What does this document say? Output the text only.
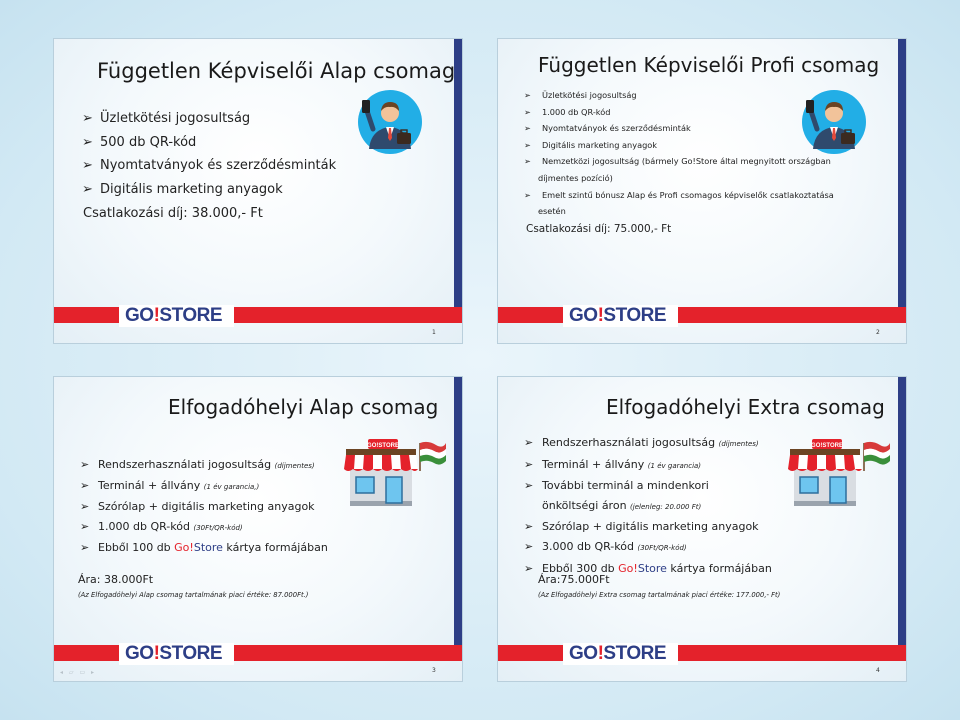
Független Képviselői Alap csomag
➢ Üzletkötési jogosultság
➢ 500 db QR-kód
➢ Nyomtatványok és szerződésminták
➢ Digitális marketing anyagok
Csatlakozási díj: 38.000,- Ft
GO!STORE
1
Független Képviselői Profi csomag
➢ Üzletkötési jogosultság
➢ 1.000 db QR-kód
➢ Nyomtatványok és szerződésminták
➢ Digitális marketing anyagok
➢ Nemzetközi jogosultság (bármely Go!Store által megnyitott országban
díjmentes pozíció)
➢ Emelt szintű bónusz Alap és Profi csomagos képviselők csatlakoztatása
esetén
Csatlakozási díj: 75.000,- Ft
GO!STORE
2
Elfogadóhelyi Alap csomag
➢ Rendszerhasználati jogosultság (díjmentes)
➢ Terminál + állvány (1 év garancia,)
➢ Szórólap + digitális marketing anyagok
➢ 1.000 db QR-kód (30Ft/QR-kód)
➢ Ebből 100 db Go!Store kártya formájában
Ára: 38.000Ft
(Az Elfogadóhelyi Alap csomag tartalmának piaci értéke: 87.000Ft.)
GO!STORE
GO!STORE
3
◂ ▱ ▭ ▸
Elfogadóhelyi Extra csomag
➢ Rendszerhasználati jogosultság (díjmentes)
➢ Terminál + állvány (1 év garancia)
➢ További terminál a mindenkori
önköltségi áron (jelenleg: 20.000 Ft)
➢ Szórólap + digitális marketing anyagok
➢ 3.000 db QR-kód (30Ft/QR-kód)
➢ Ebből 300 db Go!Store kártya formájában
Ára:75.000Ft
(Az Elfogadóhelyi Extra csomag tartalmának piaci értéke: 177.000,- Ft)
GO!STORE
GO!STORE
4
